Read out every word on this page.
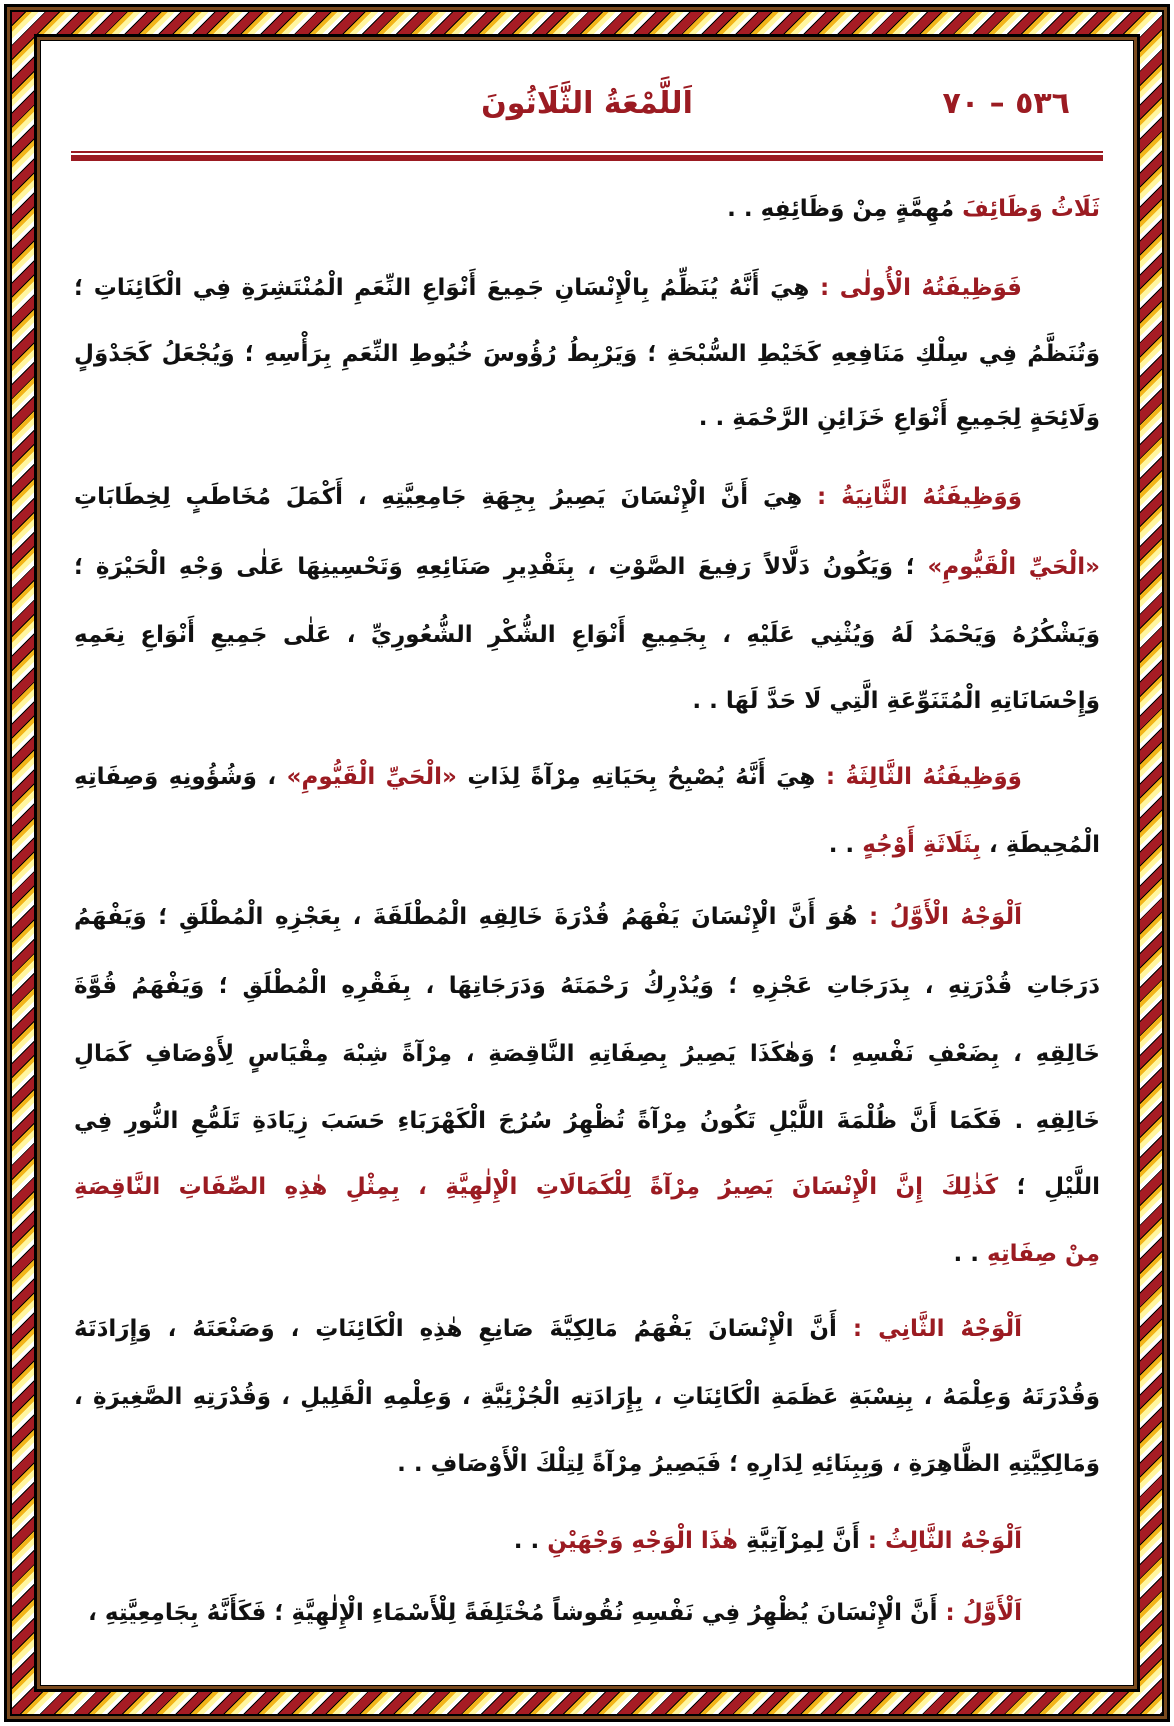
٥٣٦ – ٧٠
اَللَّمْعَةُ الثَّلَاثُونَ
ثَلَاثُ وَظَائِفَ مُهِمَّةٍ مِنْ وَظَائِفِهِ . .
فَوَظِيفَتُهُ الْأُولٰى : هِيَ أَنَّهُ يُنَظِّمُ بِالْإِنْسَانِ جَمِيعَ أَنْوَاعِ النِّعَمِ الْمُنْتَشِرَةِ فِي الْكَائِنَاتِ ؛
وَتُنَظَّمُ فِي سِلْكِ مَنَافِعِهِ كَخَيْطِ السُّبْحَةِ ؛ وَيَرْبِطُ رُؤُوسَ خُيُوطِ النِّعَمِ بِرَأْسِهِ ؛ وَيُجْعَلُ كَجَدْوَلٍ
وَلَائِحَةٍ لِجَمِيعِ أَنْوَاعِ خَزَائِنِ الرَّحْمَةِ . .
وَوَظِيفَتُهُ الثَّانِيَةُ : هِيَ أَنَّ الْإِنْسَانَ يَصِيرُ بِجِهَةِ جَامِعِيَّتِهِ ، أَكْمَلَ مُخَاطَبٍ لِخِطَابَاتِ
«الْحَيِّ الْقَيُّومِ» ؛ وَيَكُونُ دَلَّالاً رَفِيعَ الصَّوْتِ ، بِتَقْدِيرِ صَنَائِعِهِ وَتَحْسِينِهَا عَلٰى وَجْهِ الْحَيْرَةِ ؛
وَيَشْكُرُهُ وَيَحْمَدُ لَهُ وَيُثْنِي عَلَيْهِ ، بِجَمِيعِ أَنْوَاعِ الشُّكْرِ الشُّعُورِيِّ ، عَلٰى جَمِيعِ أَنْوَاعِ نِعَمِهِ
وَإِحْسَانَاتِهِ الْمُتَنَوِّعَةِ الَّتِي لَا حَدَّ لَهَا . .
وَوَظِيفَتُهُ الثَّالِثَةُ : هِيَ أَنَّهُ يُصْبِحُ بِحَيَاتِهِ مِرْآةً لِذَاتِ «الْحَيِّ الْقَيُّومِ» ، وَشُؤُونِهِ وَصِفَاتِهِ
الْمُحِيطَةِ ، بِثَلَاثَةِ أَوْجُهٍ . .
اَلْوَجْهُ الْأَوَّلُ : هُوَ أَنَّ الْإِنْسَانَ يَفْهَمُ قُدْرَةَ خَالِقِهِ الْمُطْلَقَةَ ، بِعَجْزِهِ الْمُطْلَقِ ؛ وَيَفْهَمُ
دَرَجَاتِ قُدْرَتِهِ ، بِدَرَجَاتِ عَجْزِهِ ؛ وَيُدْرِكُ رَحْمَتَهُ وَدَرَجَاتِهَا ، بِفَقْرِهِ الْمُطْلَقِ ؛ وَيَفْهَمُ قُوَّةَ
خَالِقِهِ ، بِضَعْفِ نَفْسِهِ ؛ وَهٰكَذَا يَصِيرُ بِصِفَاتِهِ النَّاقِصَةِ ، مِرْآةً شِبْهَ مِقْيَاسٍ لِأَوْصَافِ كَمَالِ
خَالِقِهِ . فَكَمَا أَنَّ ظُلْمَةَ اللَّيْلِ تَكُونُ مِرْآةً تُظْهِرُ سُرُجَ الْكَهْرَبَاءِ حَسَبَ زِيَادَةِ تَلَمُّعِ النُّورِ فِي
اللَّيْلِ ؛ كَذٰلِكَ إِنَّ الْإِنْسَانَ يَصِيرُ مِرْآةً لِلْكَمَالَاتِ الْإِلٰهِيَّةِ ، بِمِثْلِ هٰذِهِ الصِّفَاتِ النَّاقِصَةِ
مِنْ صِفَاتِهِ . .
اَلْوَجْهُ الثَّانِي : أَنَّ الْإِنْسَانَ يَفْهَمُ مَالِكِيَّةَ صَانِعِ هٰذِهِ الْكَائِنَاتِ ، وَصَنْعَتَهُ ، وَإِرَادَتَهُ
وَقُدْرَتَهُ وَعِلْمَهُ ، بِنِسْبَةِ عَظَمَةِ الْكَائِنَاتِ ، بِإِرَادَتِهِ الْجُزْئِيَّةِ ، وَعِلْمِهِ الْقَلِيلِ ، وَقُدْرَتِهِ الصَّغِيرَةِ ،
وَمَالِكِيَّتِهِ الظَّاهِرَةِ ، وَبِبِنَائِهِ لِدَارِهِ ؛ فَيَصِيرُ مِرْآةً لِتِلْكَ الْأَوْصَافِ . .
اَلْوَجْهُ الثَّالِثُ : أَنَّ لِمِرْآتِيَّةِ هٰذَا الْوَجْهِ وَجْهَيْنِ . .
اَلْأَوَّلُ : أَنَّ الْإِنْسَانَ يُظْهِرُ فِي نَفْسِهِ نُقُوشاً مُخْتَلِفَةً لِلْأَسْمَاءِ الْإِلٰهِيَّةِ ؛ فَكَأَنَّهُ بِجَامِعِيَّتِهِ ،
